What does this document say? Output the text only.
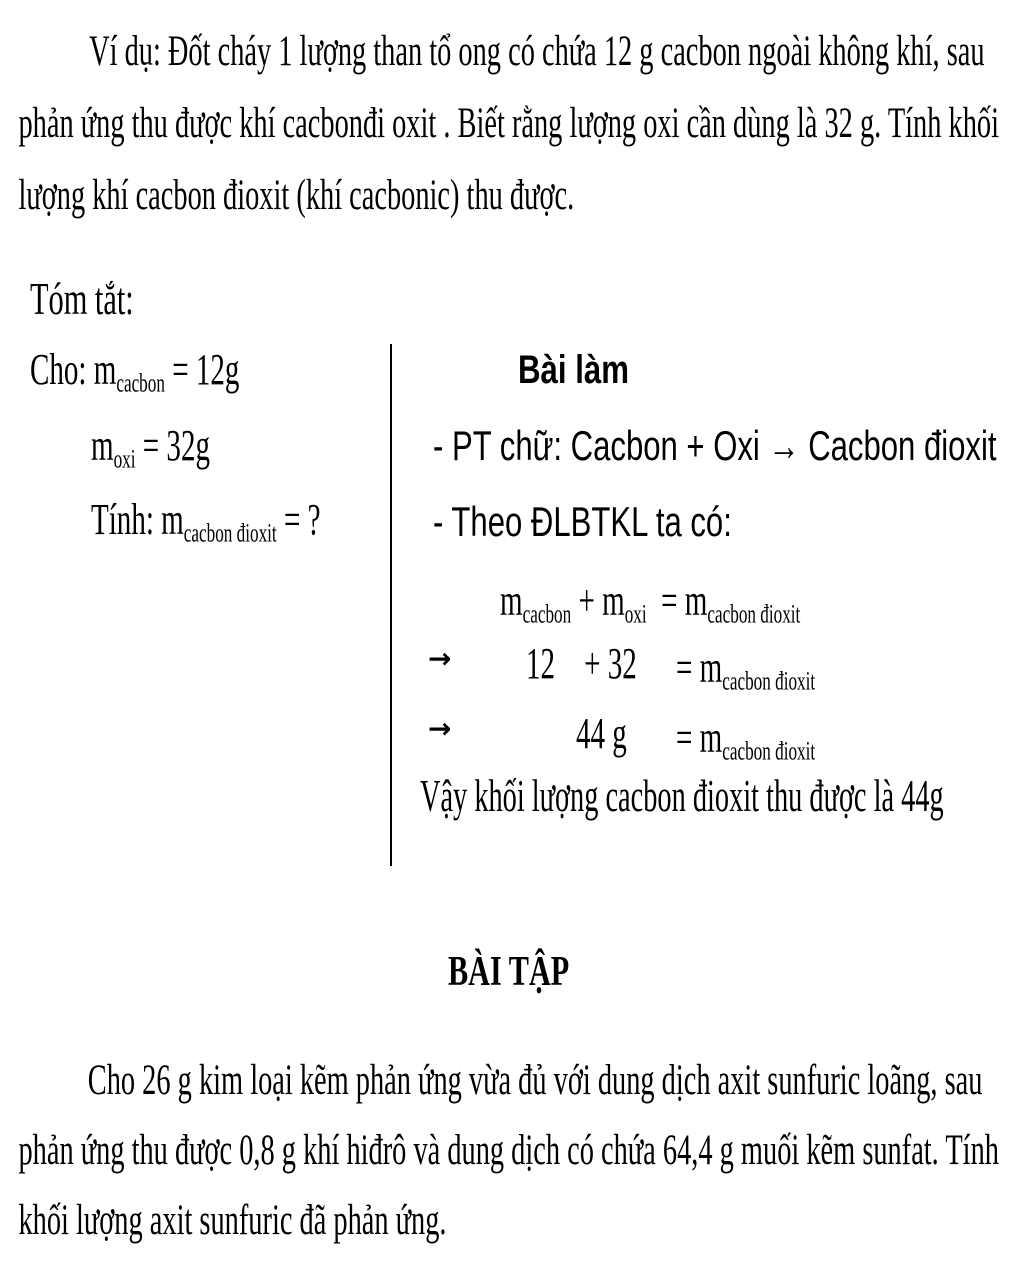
Ví dụ: Đốt cháy 1 lượng than tổ ong có chứa 12 g cacbon ngoài không khí, sau

phản ứng thu được khí cacbonđi oxit . Biết rằng lượng oxi cần dùng là 32 g. Tính khối
lượng khí cacbon đioxit (khí cacbonic) thu được.
Tóm tắt:
Cho: $m_{cacbon} = 12g$
$m_{oxi} = 32g$
Tính: $m_{cacbon đioxit}$ = ?
Bài làm
- PT chữ: Cacbon + Oxi → Cacbon đioxit
- Theo ĐLBTKL ta có:
$m_{cacbon} + m_{oxi} = m_{cacbon đioxit}$
→ $12 + 32 = m_{cacbon đioxit}$
→	44 g	= $m_{cacbon đioxit}$
Vậy khối lượng cacbon đioxit thu được là 44g
BÀI TẬP

Cho 26 g kim loại kẽm phản ứng vừa đủ với dung dịch axit sunfuric loãng, sau

phản ứng thu được 0,8 g khí hiđrô và dung dịch có chứa 64,4 g muối kẽm sunfat. Tính
khối lượng axit sunfuric đã phản ứng.
